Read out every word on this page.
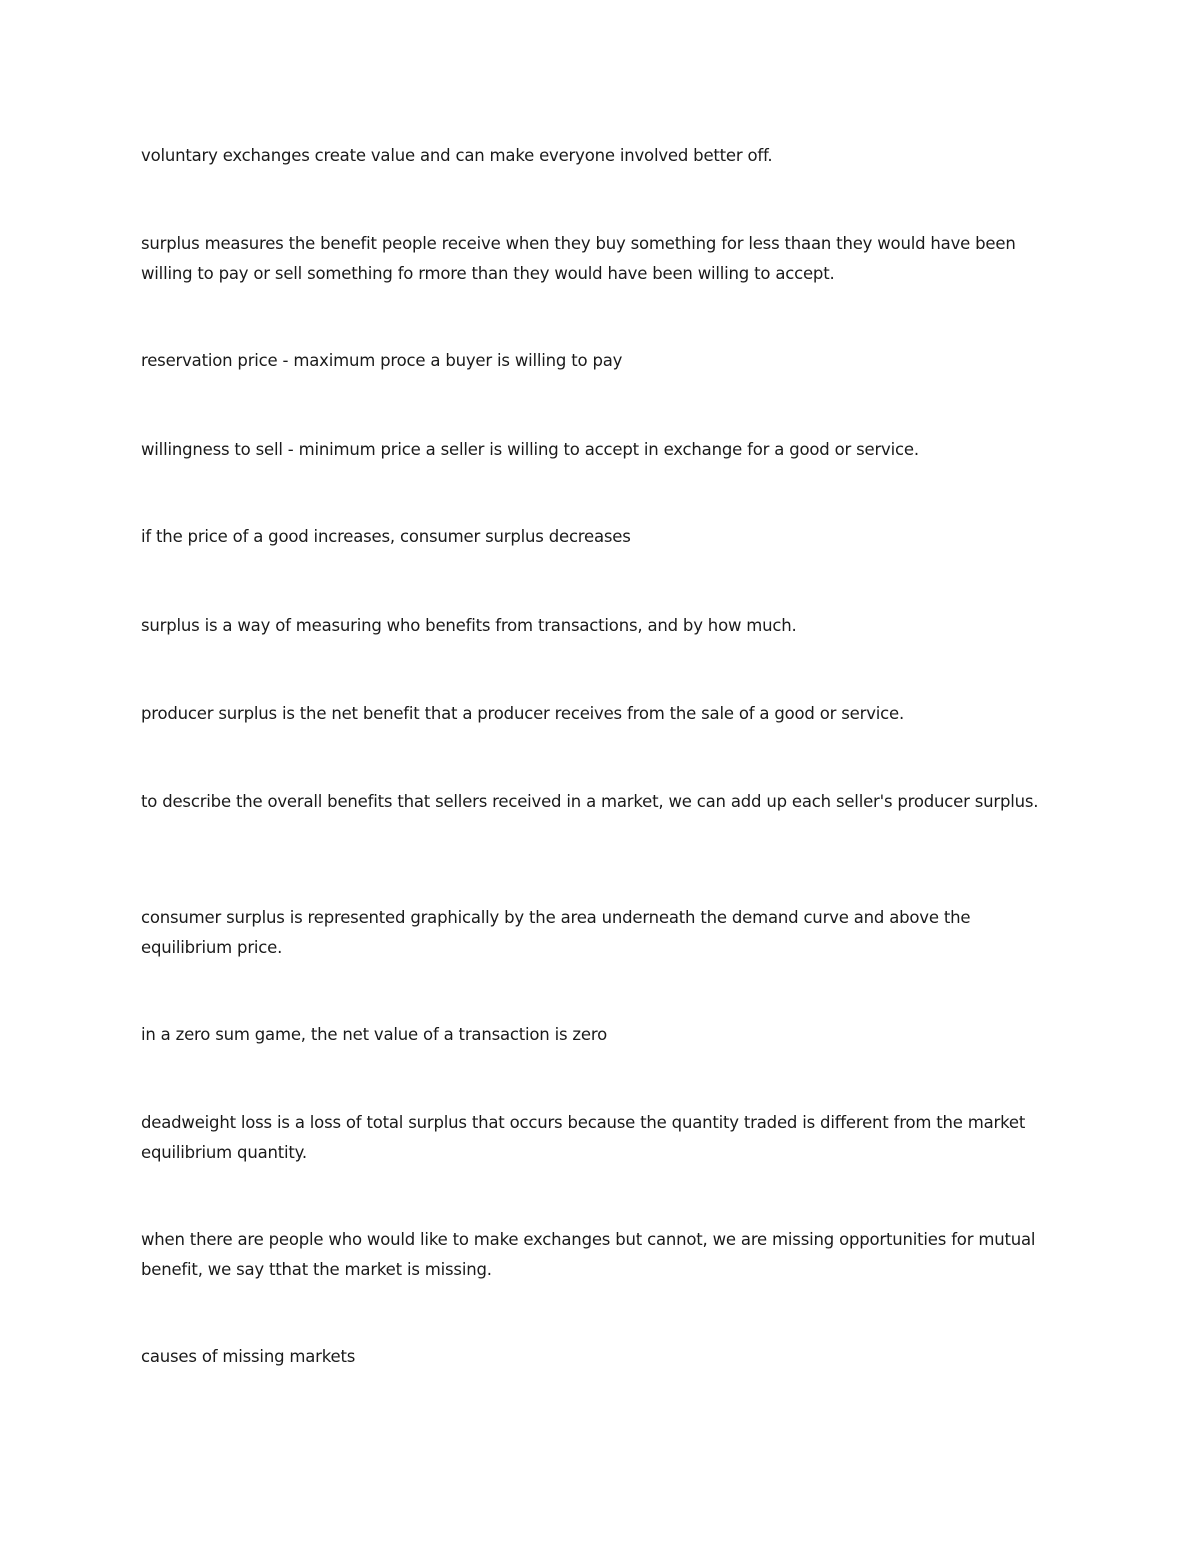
voluntary exchanges create value and can make everyone involved better off.

surplus measures the benefit people receive when they buy something for less thaan they would have been willing to pay or sell something fo rmore than they would have been willing to accept.

reservation price - maximum proce a buyer is willing to pay

willingness to sell - minimum price a seller is willing to accept in exchange for a good or service.

if the price of a good increases, consumer surplus decreases

surplus is a way of measuring who benefits from transactions, and by how much.

producer surplus is the net benefit that a producer receives from the sale of a good or service.

to describe the overall benefits that sellers received in a market, we can add up each seller's producer surplus.

consumer surplus is represented graphically by the area underneath the demand curve and above the equilibrium price.

in a zero sum game, the net value of a transaction is zero

deadweight loss is a loss of total surplus that occurs because the quantity traded is different from the market equilibrium quantity.

when there are people who would like to make exchanges but cannot, we are missing opportunities for mutual benefit, we say tthat the market is missing.

causes of missing markets
